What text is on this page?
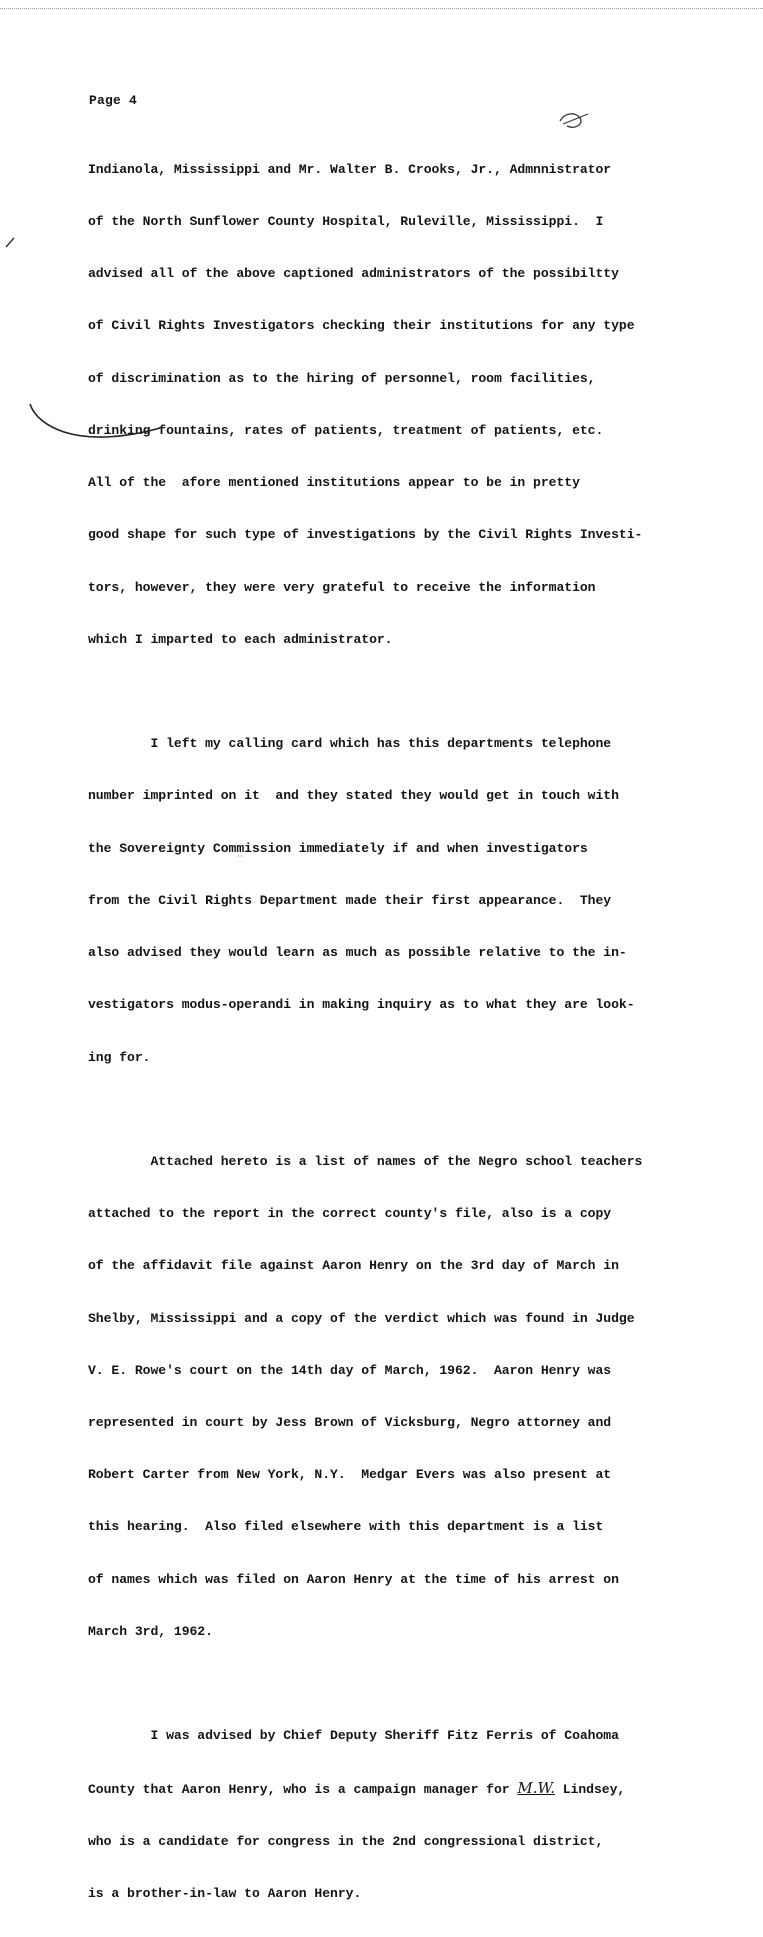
Page 4

Indianola, Mississippi and Mr. Walter B. Crooks, Jr., Admnnistrator

of the North Sunflower County Hospital, Ruleville, Mississippi.  I

advised all of the above captioned administrators of the possibiltty

of Civil Rights Investigators checking their institutions for any type

of discrimination as to the hiring of personnel, room facilities,

drinking fountains, rates of patients, treatment of patients, etc.

All of the  afore mentioned institutions appear to be in pretty

good shape for such type of investigations by the Civil Rights Investi-

tors, however, they were very grateful to receive the information

which I imparted to each administrator.

I left my calling card which has this departments telephone

number imprinted on it  and they stated they would get in touch with

the Sovereignty Commission immediately if and when investigators

from the Civil Rights Department made their first appearance.  They

also advised they would learn as much as possible relative to the in-

vestigators modus-operandi in making inquiry as to what they are look-

ing for.

Attached hereto is a list of names of the Negro school teachers

attached to the report in the correct county's file, also is a copy

of the affidavit file against Aaron Henry on the 3rd day of March in

Shelby, Mississippi and a copy of the verdict which was found in Judge

V. E. Rowe's court on the 14th day of March, 1962.  Aaron Henry was

represented in court by Jess Brown of Vicksburg, Negro attorney and

Robert Carter from New York, N.Y.  Medgar Evers was also present at

this hearing.  Also filed elsewhere with this department is a list

of names which was filed on Aaron Henry at the time of his arrest on

March 3rd, 1962.

I was advised by Chief Deputy Sheriff Fitz Ferris of Coahoma

County that Aaron Henry, who is a campaign manager for M.W. Lindsey,

who is a candidate for congress in the 2nd congressional district,

is a brother-in-law to Aaron Henry.
